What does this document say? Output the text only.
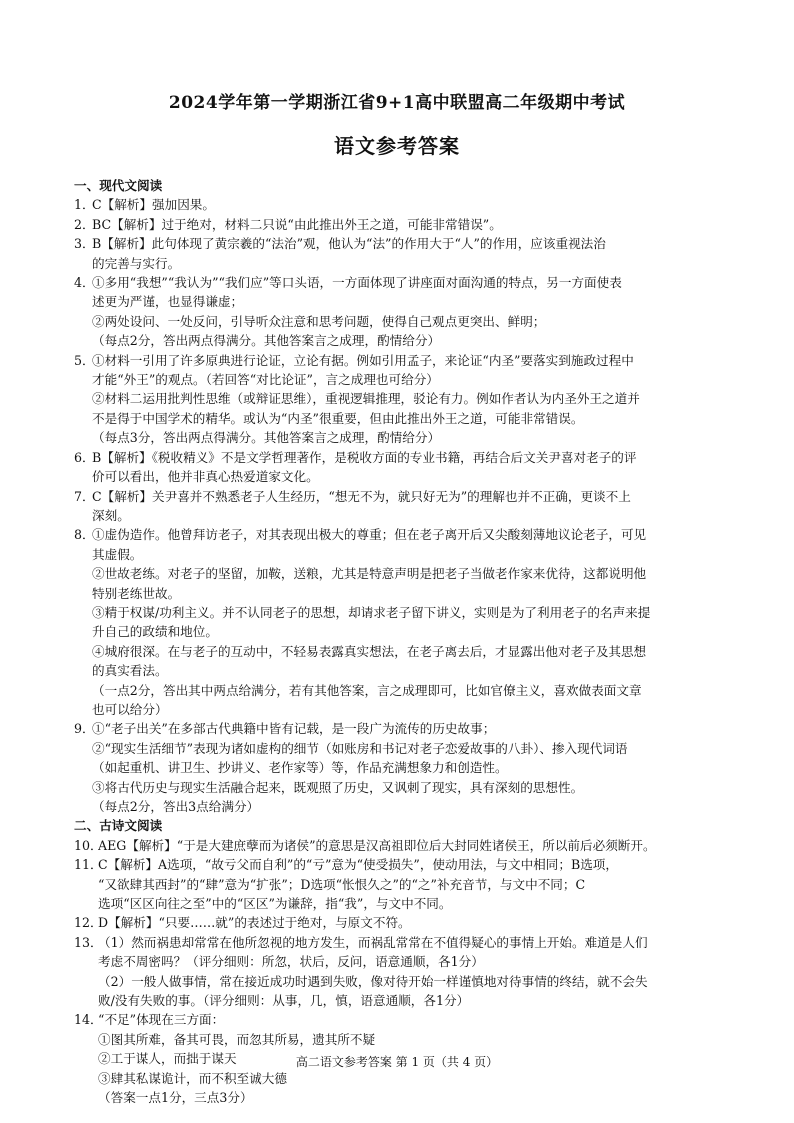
2024学年第一学期浙江省9+1高中联盟高二年级期中考试
语文参考答案
一、现代文阅读
1．
C【解析】强加因果。
2．
BC【解析】过于绝对，材料二只说“由此推出外王之道，可能非常错误”。
3．
B【解析】此句体现了黄宗羲的“法治”观，他认为“法”的作用大于“人”的作用，应该重视法治
的完善与实行。
4．
①多用“我想”“我认为”“我们应”等口头语，一方面体现了讲座面对面沟通的特点，另一方面使表
述更为严谨，也显得谦虚；
②两处设问、一处反问，引导听众注意和思考问题，使得自己观点更突出、鲜明；
（每点2分，答出两点得满分。其他答案言之成理，酌情给分）
5．
①材料一引用了许多原典进行论证，立论有据。例如引用孟子，来论证“内圣”要落实到施政过程中
才能“外王”的观点。（若回答“对比论证”，言之成理也可给分）
②材料二运用批判性思维（或辩证思维），重视逻辑推理，驳论有力。例如作者认为内圣外王之道并
不是得于中国学术的精华。或认为“内圣”很重要，但由此推出外王之道，可能非常错误。
（每点3分，答出两点得满分。其他答案言之成理，酌情给分）
6．
B【解析】《税收精义》不是文学哲理著作，是税收方面的专业书籍，再结合后文关尹喜对老子的评
价可以看出，他并非真心热爱道家文化。
7．
C【解析】关尹喜并不熟悉老子人生经历，“想无不为，就只好无为”的理解也并不正确，更谈不上
深刻。
8．
①虚伪造作。他曾拜访老子，对其表现出极大的尊重；但在老子离开后又尖酸刻薄地议论老子，可见
其虚假。
②世故老练。对老子的坚留，加鞍，送粮，尤其是特意声明是把老子当做老作家来优待，这都说明他
特别老练世故。
③精于权谋/功利主义。并不认同老子的思想，却请求老子留下讲义，实则是为了利用老子的名声来提
升自己的政绩和地位。
④城府很深。在与老子的互动中，不轻易表露真实想法，在老子离去后，才显露出他对老子及其思想
的真实看法。
（一点2分，答出其中两点给满分，若有其他答案，言之成理即可，比如官僚主义，喜欢做表面文章
也可以给分）
9．
①“老子出关”在多部古代典籍中皆有记载，是一段广为流传的历史故事；
②“现实生活细节”表现为诸如虚构的细节（如账房和书记对老子恋爱故事的八卦）、掺入现代词语
（如起重机、讲卫生、抄讲义、老作家等）等，作品充满想象力和创造性。
③将古代历史与现实生活融合起来，既观照了历史，又讽刺了现实，具有深刻的思想性。
（每点2分，答出3点给满分）
二、古诗文阅读
10．
AEG【解析】“于是大建庶孽而为诸侯”的意思是汉高祖即位后大封同姓诸侯王，所以前后必须断开。
11．
C【解析】A选项，“故亏父而自利”的“亏”意为“使受损失”，使动用法，与文中相同；B选项，
“又欲肆其西封”的“肆”意为“扩张”；D选项“怅恨久之”的“之”补充音节，与文中不同；C
选项“区区向往之至”中的“区区”为谦辞，指“我”，与文中不同。
12．
D【解析】“只要……就”的表述过于绝对，与原文不符。
13．
（1）然而祸患却常常在他所忽视的地方发生，而祸乱常常在不值得疑心的事情上开始。难道是人们
考虑不周密吗？（评分细则：所忽，状后，反问，语意通顺，各1分）
（2）一般人做事情，常在接近成功时遇到失败，像对待开始一样谨慎地对待事情的终结，就不会失
败/没有失败的事。（评分细则：从事，几，慎，语意通顺，各1分）
14．
“不足”体现在三方面：
①图其所难，备其可畏，而忽其所易，遗其所不疑
②工于谋人，而拙于谋天
③肆其私谋诡计，而不积至诚大德
（答案一点1分，三点3分）
高二语文参考答案 第 1 页（共 4 页）
